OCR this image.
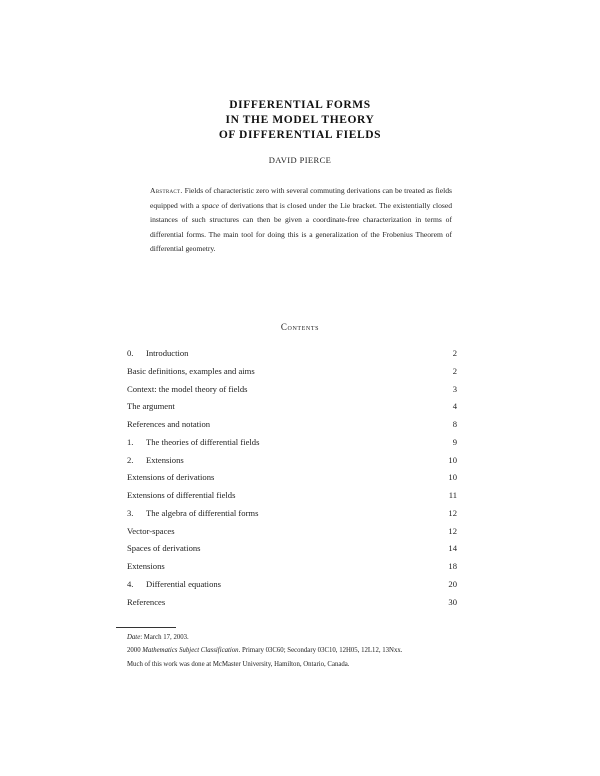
DIFFERENTIAL FORMS
IN THE MODEL THEORY
OF DIFFERENTIAL FIELDS
DAVID PIERCE
Abstract. Fields of characteristic zero with several commuting derivations can be treated as fields equipped with a space of derivations that is closed under the Lie bracket. The existentially closed instances of such structures can then be given a coordinate-free characterization in terms of differential forms. The main tool for doing this is a generalization of the Frobenius Theorem of differential geometry.
Contents
0. Introduction	2
Basic definitions, examples and aims	2
Context: the model theory of fields	3
The argument	4
References and notation	8
1. The theories of differential fields	9
2. Extensions	10
Extensions of derivations	10
Extensions of differential fields	11
3. The algebra of differential forms	12
Vector-spaces	12
Spaces of derivations	14
Extensions	18
4. Differential equations	20
References	30

Date: March 17, 2003.

2000 Mathematics Subject Classification. Primary 03C60; Secondary 03C10, 12H05, 12L12, 13Nxx.

Much of this work was done at McMaster University, Hamilton, Ontario, Canada.
